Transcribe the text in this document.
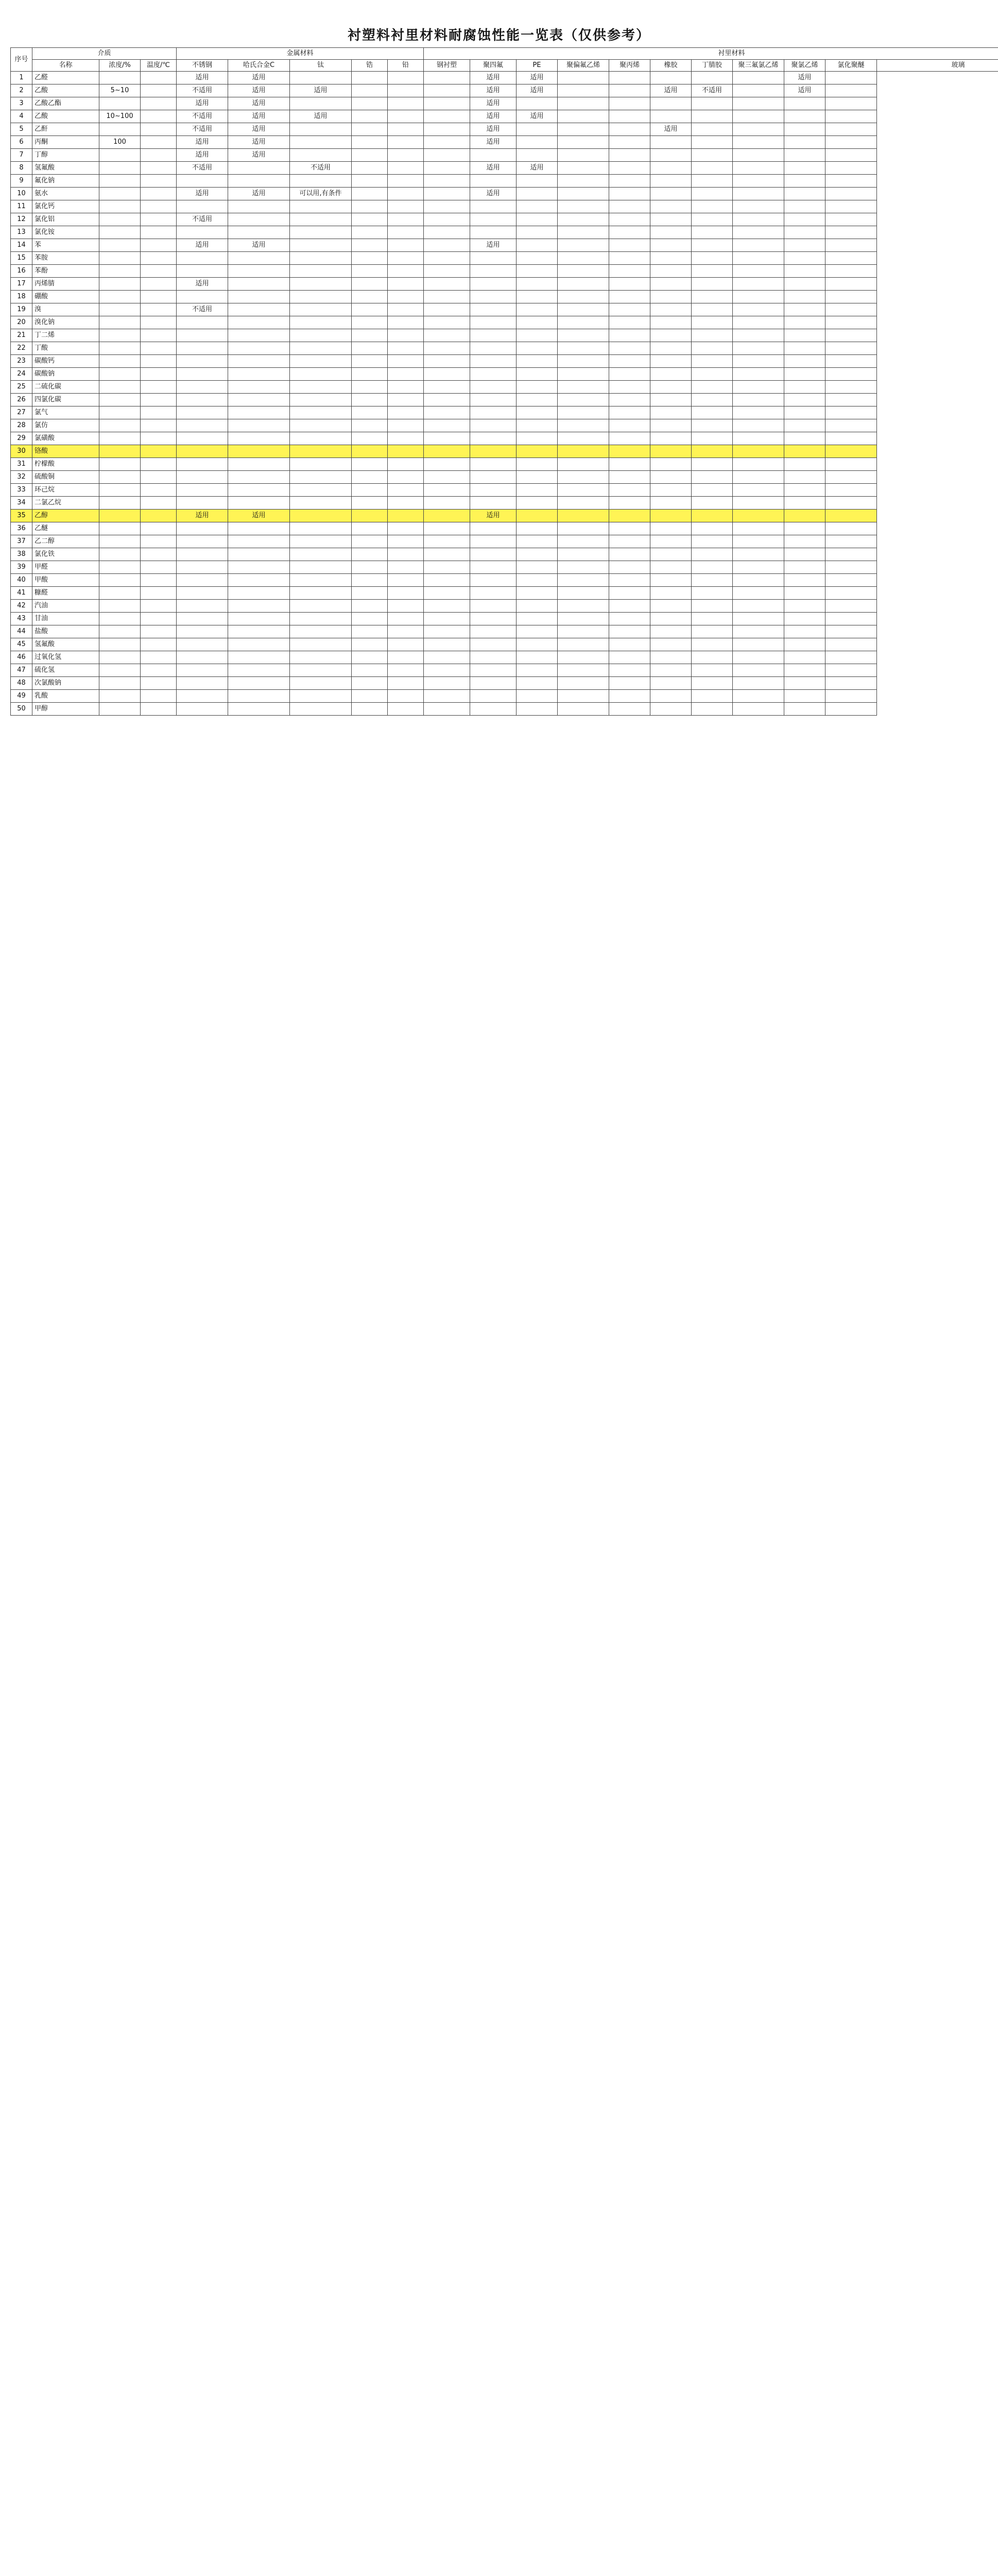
衬塑料衬里材料耐腐蚀性能一览表（仅供参考）
序号	介质			金属材料					衬里材料										
	名称	浓度/%	温度/℃	不锈钢	哈氏合金C	钛	锆	铅	钢衬塑	聚四氟	PE	聚偏氟乙烯	聚丙烯	橡胶	丁腈胶	聚三氟氯乙烯	聚氯乙烯	氯化聚醚	玻璃
1	乙醛			适用	适用					适用	适用						适用		
2	乙酸	5~10		不适用	适用	适用				适用	适用			适用	不适用		适用		
3	乙酸乙酯			适用	适用					适用									
4	乙酸	10~100		不适用	适用	适用				适用	适用								
5	乙酐			不适用	适用					适用				适用					
6	丙酮	100		适用	适用					适用									
7	丁醇			适用	适用														
8	氢氟酸			不适用		不适用				适用	适用								
9	氟化钠																		
10	氨水			适用	适用	可以用,有条件				适用									
11	氯化钙																		
12	氯化铝			不适用															
13	氯化铵																		
14	苯			适用	适用					适用									
15	苯胺																		
16	苯酚																		
17	丙烯腈			适用															
18	硼酸																		
19	溴			不适用															
20	溴化钠																		
21	丁二烯																		
22	丁酸																		
23	碳酸钙																		
24	碳酸钠																		
25	二硫化碳																		
26	四氯化碳																		
27	氯气																		
28	氯仿																		
29	氯磺酸																		
30	铬酸																		
31	柠檬酸																		
32	硫酸铜																		
33	环己烷																		
34	二氯乙烷																		
35	乙醇			适用	适用					适用									
36	乙醚																		
37	乙二醇																		
38	氯化铁																		
39	甲醛																		
40	甲酸																		
41	糠醛																		
42	汽油																		
43	甘油																		
44	盐酸																		
45	氢氟酸																		
46	过氧化氢																		
47	硫化氢																		
48	次氯酸钠																		
49	乳酸																		
50	甲醇																		
